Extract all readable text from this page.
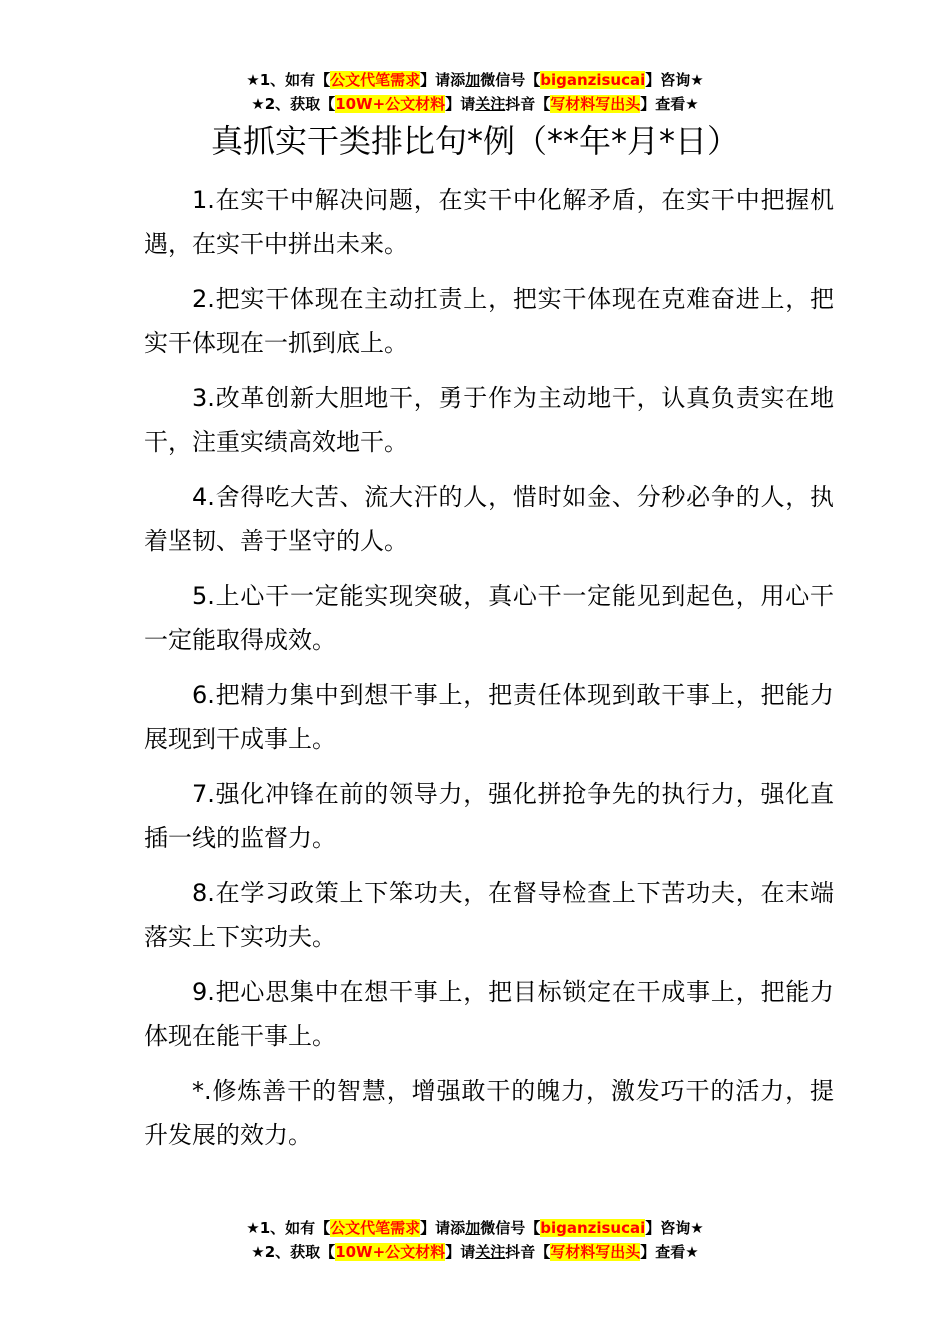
★1、如有【公文代笔需求】请添加微信号【biganzisucai】咨询★
★2、获取【10W+公文材料】请关注抖音【写材料写出头】查看★
真抓实干类排比句*例（**年*月*日）

1.在实干中解决问题，在实干中化解矛盾，在实干中把握机遇，在实干中拼出未来。

2.把实干体现在主动扛责上，把实干体现在克难奋进上，把实干体现在一抓到底上。

3.改革创新大胆地干，勇于作为主动地干，认真负责实在地干，注重实绩高效地干。

4.舍得吃大苦、流大汗的人，惜时如金、分秒必争的人，执着坚韧、善于坚守的人。

5.上心干一定能实现突破，真心干一定能见到起色，用心干一定能取得成效。

6.把精力集中到想干事上，把责任体现到敢干事上，把能力展现到干成事上。

7.强化冲锋在前的领导力，强化拼抢争先的执行力，强化直插一线的监督力。

8.在学习政策上下笨功夫，在督导检查上下苦功夫，在末端落实上下实功夫。

9.把心思集中在想干事上，把目标锁定在干成事上，把能力体现在能干事上。

*.修炼善干的智慧，增强敢干的魄力，激发巧干的活力，提升发展的效力。

★1、如有【公文代笔需求】请添加微信号【biganzisucai】咨询★
★2、获取【10W+公文材料】请关注抖音【写材料写出头】查看★
